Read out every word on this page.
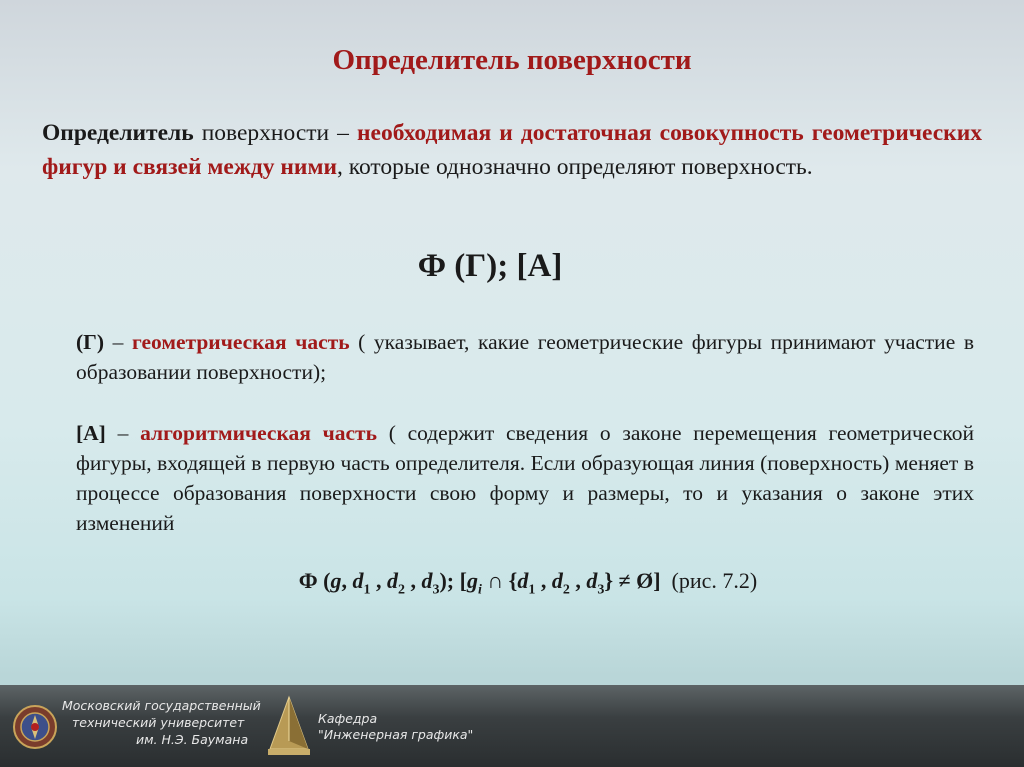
Определитель поверхности
Определитель поверхности – необходимая и достаточная совокупность геометрических фигур и связей между ними, которые однозначно определяют поверхность.
Ф (Г); [А]
(Г) – геометрическая часть ( указывает, какие геометрические фигуры принимают участие в образовании поверхности);
[А] – алгоритмическая часть ( содержит сведения о законе перемещения геометрической фигуры, входящей в первую часть определителя. Если образующая линия (поверхность) меняет в процессе образования поверхности свою форму и размеры, то и указания о законе этих изменений
Ф (g, $d_1$ , $d_2$ , $d_3$); [$g_i$ ∩ {$d_1$ , $d_2$ , $d_3$} ≠ Ø] (рис. 7.2)
Московский государственный
технический университет
им. Н.Э. Баумана
Кафедра
"Инженерная графика"
